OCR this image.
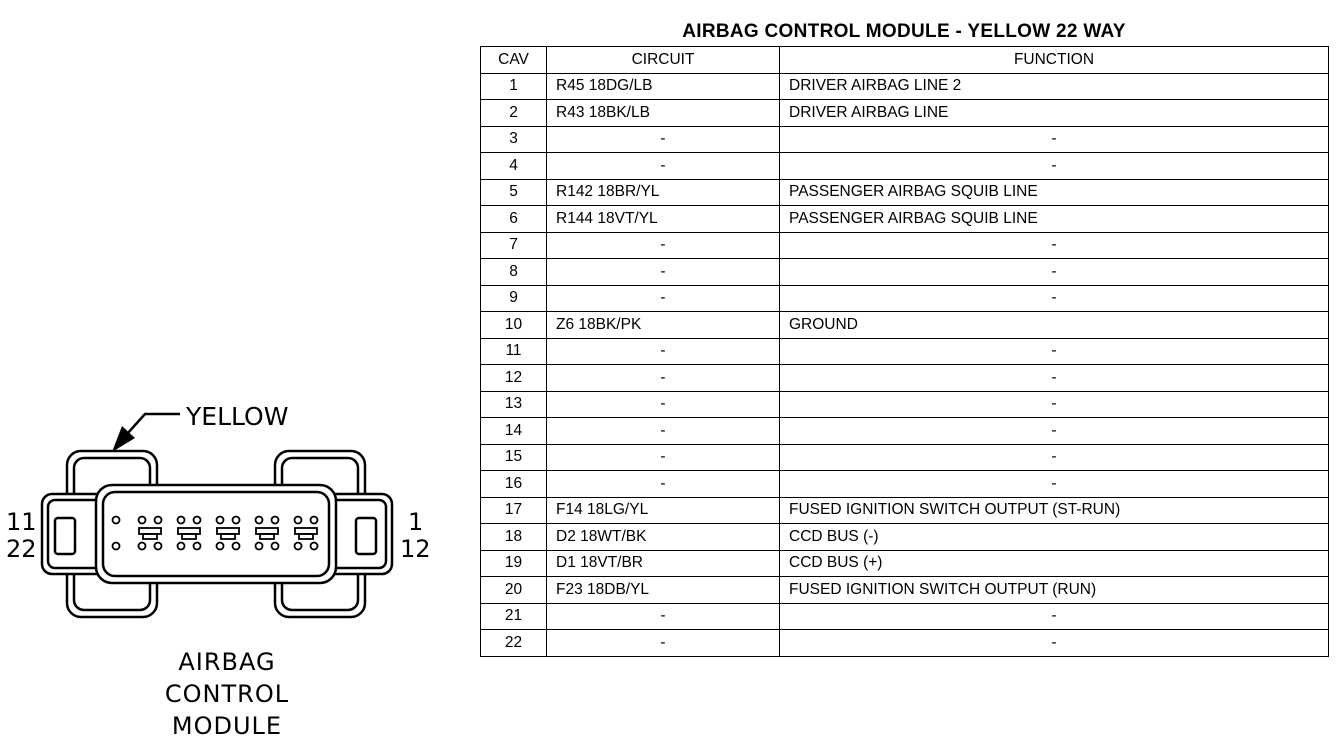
YELLOW
11
22
1
12
AIRBAG
CONTROL
MODULE
AIRBAG CONTROL MODULE - YELLOW 22 WAY
CAV	CIRCUIT	FUNCTION
1	R45 18DG/LB	DRIVER AIRBAG LINE 2
2	R43 18BK/LB	DRIVER AIRBAG LINE
3	-	-
4	-	-
5	R142 18BR/YL	PASSENGER AIRBAG SQUIB LINE
6	R144 18VT/YL	PASSENGER AIRBAG SQUIB LINE
7	-	-
8	-	-
9	-	-
10	Z6 18BK/PK	GROUND
11	-	-
12	-	-
13	-	-
14	-	-
15	-	-
16	-	-
17	F14 18LG/YL	FUSED IGNITION SWITCH OUTPUT (ST-RUN)
18	D2 18WT/BK	CCD BUS (-)
19	D1 18VT/BR	CCD BUS (+)
20	F23 18DB/YL	FUSED IGNITION SWITCH OUTPUT (RUN)
21	-	-
22	-	-
